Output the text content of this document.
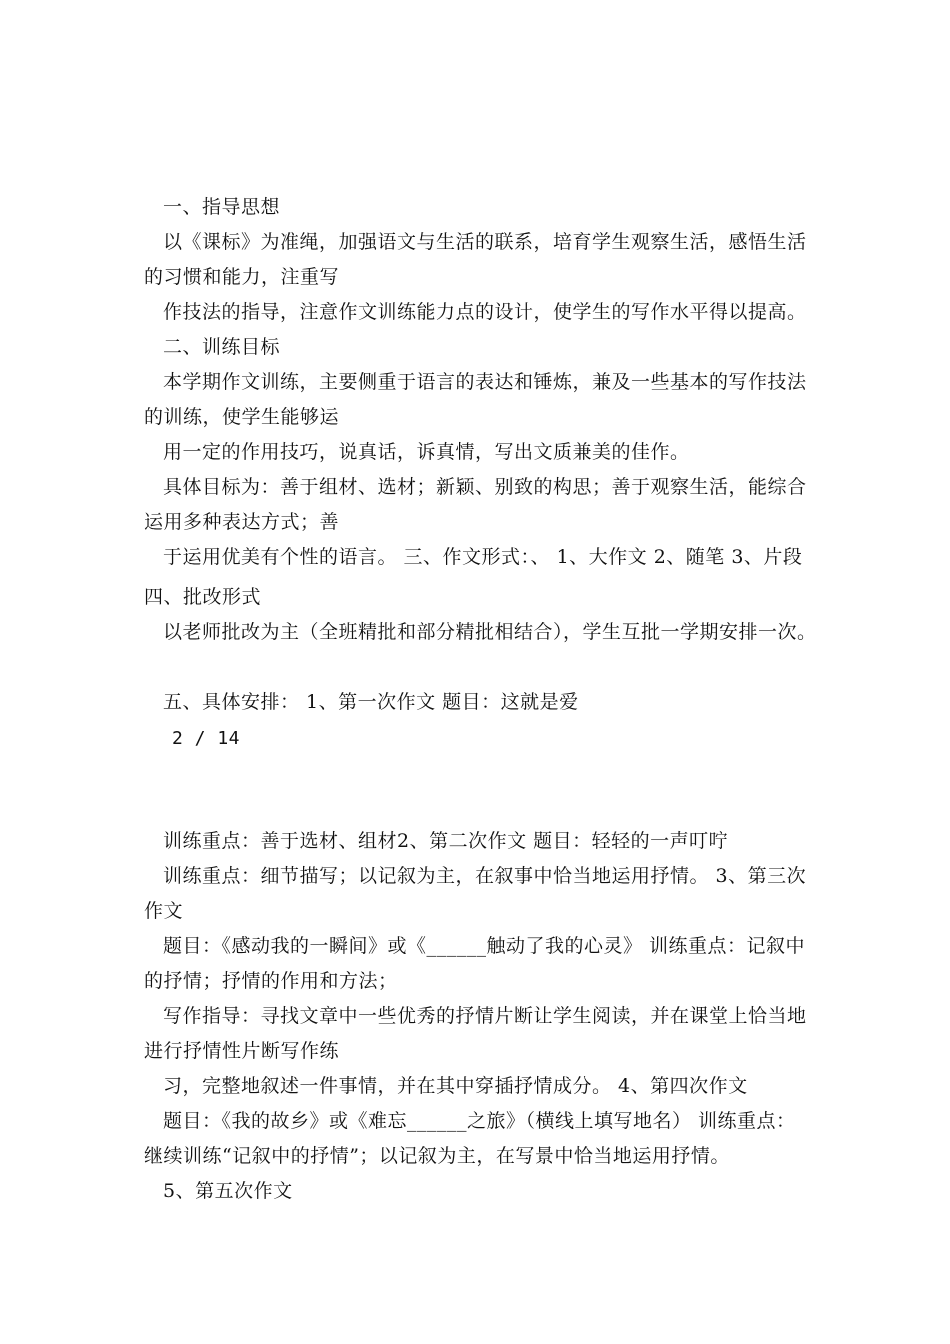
一、指导思想
以《课标》为准绳，加强语文与生活的联系，培育学生观察生活，感悟生活
的习惯和能力，注重写
作技法的指导，注意作文训练能力点的设计，使学生的写作水平得以提高。
二、训练目标
本学期作文训练，主要侧重于语言的表达和锤炼，兼及一些基本的写作技法
的训练，使学生能够运
用一定的作用技巧，说真话，诉真情，写出文质兼美的佳作。
具体目标为：善于组材、选材；新颖、别致的构思；善于观察生活，能综合
运用多种表达方式；善
于运用优美有个性的语言。 三、作文形式：、 1、大作文 2、随笔 3、片段
四、批改形式
以老师批改为主（全班精批和部分精批相结合），学生互批一学期安排一次。
五、具体安排： 1、第一次作文 题目：这就是爱
2 / 14
训练重点：善于选材、组材2、第二次作文 题目：轻轻的一声叮咛
训练重点：细节描写；以记叙为主，在叙事中恰当地运用抒情。 3、第三次
作文
题目：《感动我的一瞬间》或《______触动了我的心灵》 训练重点：记叙中
的抒情；抒情的作用和方法；
写作指导：寻找文章中一些优秀的抒情片断让学生阅读，并在课堂上恰当地
进行抒情性片断写作练
习，完整地叙述一件事情，并在其中穿插抒情成分。 4、第四次作文
题目：《我的故乡》或《难忘______之旅》（横线上填写地名） 训练重点：
继续训练“记叙中的抒情”；以记叙为主，在写景中恰当地运用抒情。
5、第五次作文
